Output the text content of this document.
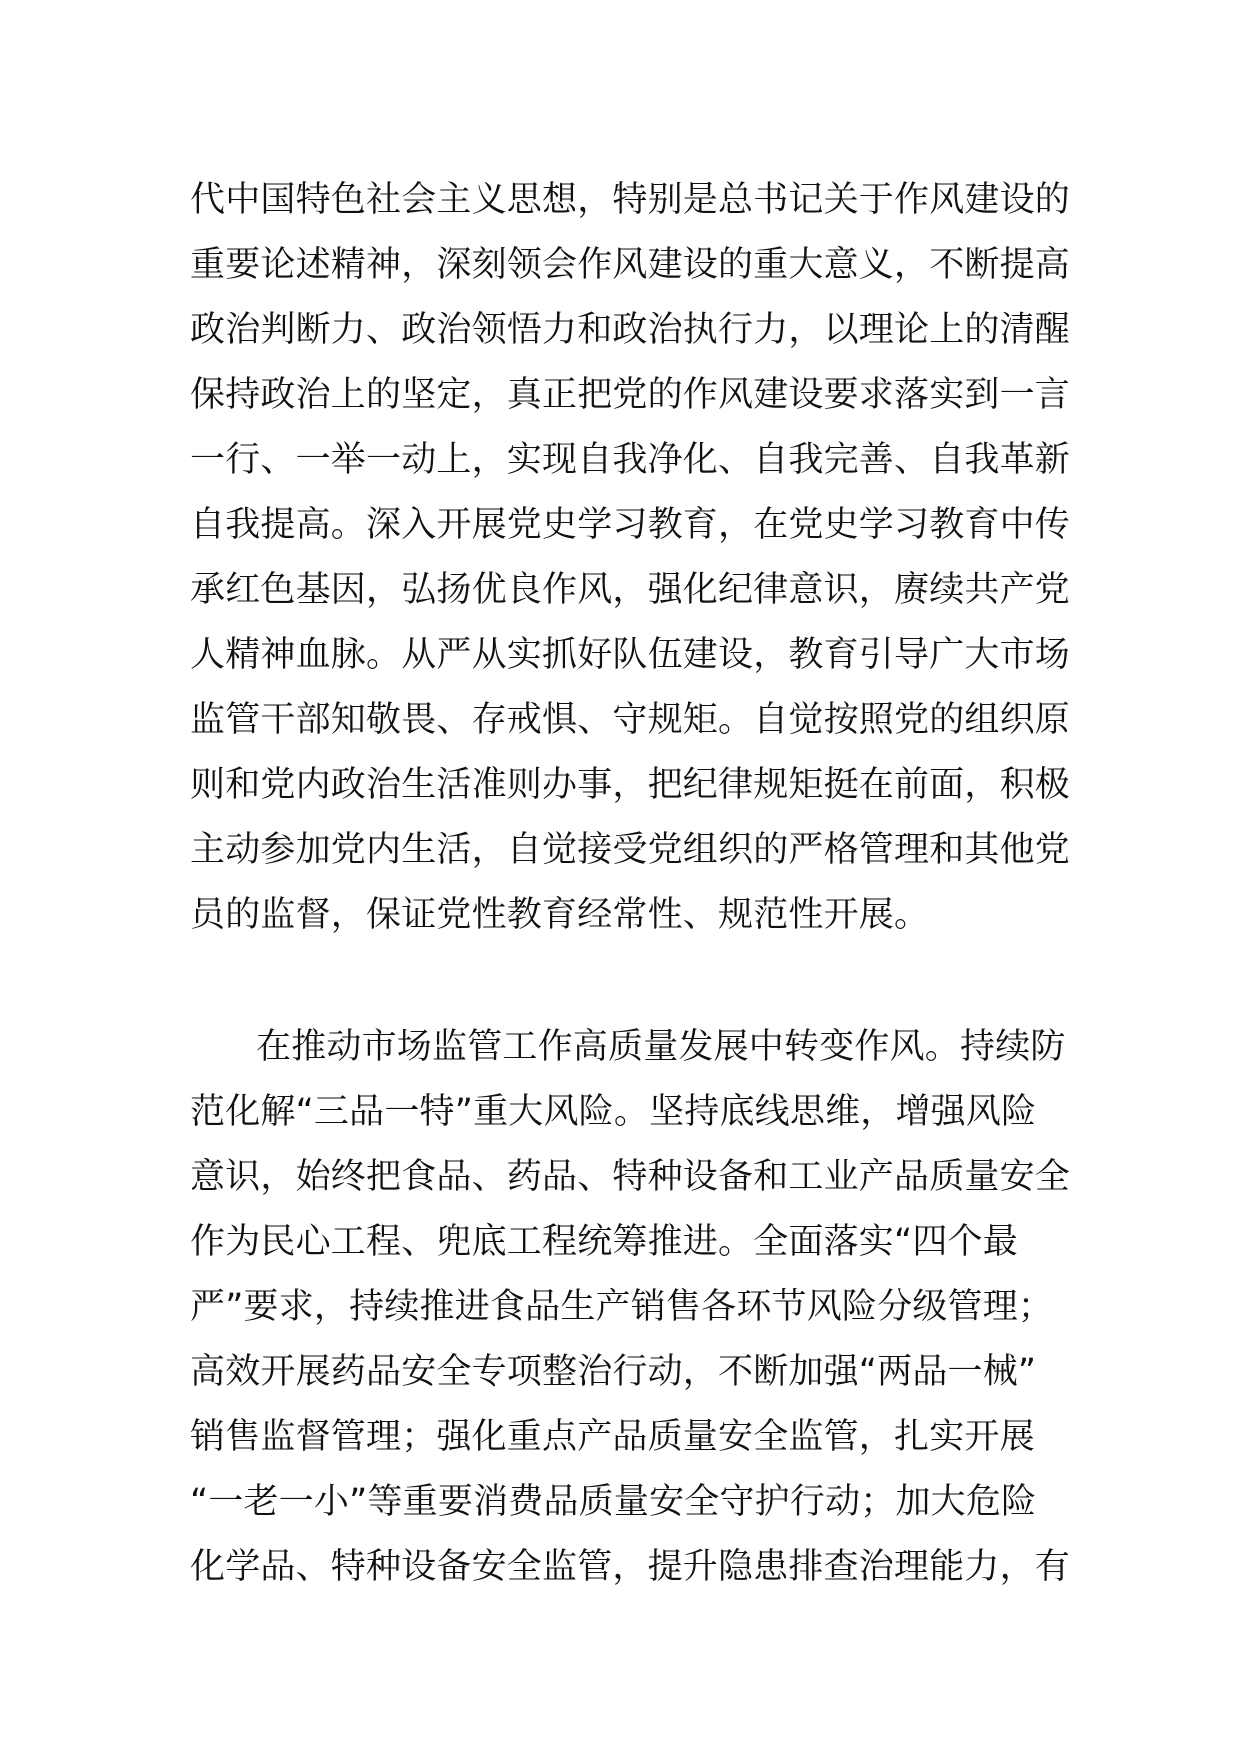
代中国特色社会主义思想，特别是总书记关于作风建设的
重要论述精神，深刻领会作风建设的重大意义，不断提高
政治判断力、政治领悟力和政治执行力，以理论上的清醒
保持政治上的坚定，真正把党的作风建设要求落实到一言
一行、一举一动上，实现自我净化、自我完善、自我革新
自我提高。深入开展党史学习教育，在党史学习教育中传
承红色基因，弘扬优良作风，强化纪律意识，赓续共产党
人精神血脉。从严从实抓好队伍建设，教育引导广大市场
监管干部知敬畏、存戒惧、守规矩。自觉按照党的组织原
则和党内政治生活准则办事，把纪律规矩挺在前面，积极
主动参加党内生活，自觉接受党组织的严格管理和其他党
员的监督，保证党性教育经常性、规范性开展。
在推动市场监管工作高质量发展中转变作风。持续防
范化解“三品一特”重大风险。坚持底线思维，增强风险
意识，始终把食品、药品、特种设备和工业产品质量安全
作为民心工程、兜底工程统筹推进。全面落实“四个最
严”要求，持续推进食品生产销售各环节风险分级管理；
高效开展药品安全专项整治行动，不断加强“两品一械”
销售监督管理；强化重点产品质量安全监管，扎实开展
“一老一小”等重要消费品质量安全守护行动；加大危险
化学品、特种设备安全监管，提升隐患排查治理能力，有
